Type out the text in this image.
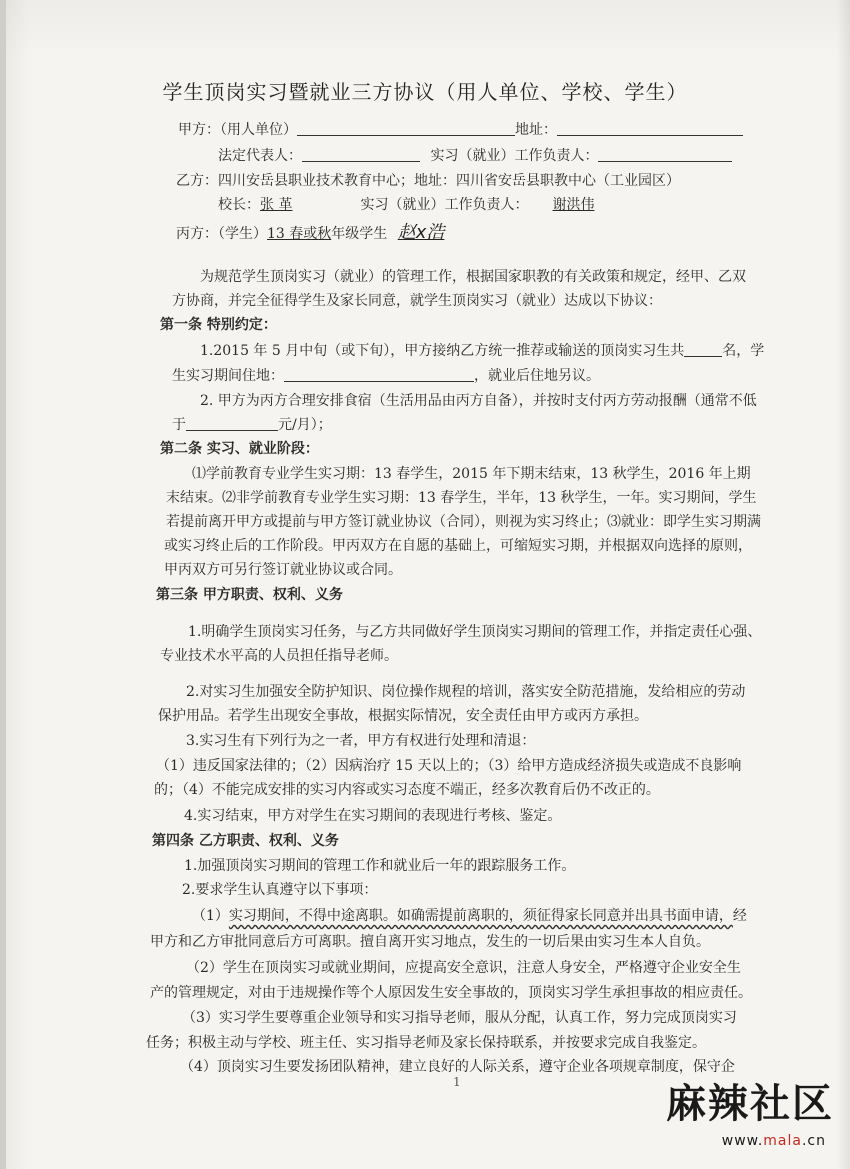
学生顶岗实习暨就业三方协议（用人单位、学校、学生）
甲方：（用人单位）	地址：
法定代表人：	实习（就业）工作负责人：
乙方：四川安岳县职业技术教育中心；地址：四川省安岳县职教中心（工业园区）
校长：张 革	实习（就业）工作负责人： 谢洪伟
丙方：（学生）13 春或秋年级学生 赵x浩
为规范学生顶岗实习（就业）的管理工作，根据国家职教的有关政策和规定，经甲、乙双
方协商，并完全征得学生及家长同意，就学生顶岗实习（就业）达成以下协议：
第一条 特别约定：
1.2015 年 5 月中旬（或下旬），甲方接纳乙方统一推荐或输送的顶岗实习生共	名，学
生实习期间住地：	，就业后住地另议。
2. 甲方为丙方合理安排食宿（生活用品由丙方自备），并按时支付丙方劳动报酬（通常不低
于	元/月）；
第二条 实习、就业阶段：
⑴学前教育专业学生实习期：13 春学生，2015 年下期末结束，13 秋学生，2016 年上期
末结束。⑵非学前教育专业学生实习期：13 春学生，半年，13 秋学生，一年。实习期间，学生
若提前离开甲方或提前与甲方签订就业协议（合同），则视为实习终止；⑶就业：即学生实习期满
或实习终止后的工作阶段。甲丙双方在自愿的基础上，可缩短实习期，并根据双向选择的原则，
甲丙双方可另行签订就业协议或合同。
第三条 甲方职责、权利、义务
1.明确学生顶岗实习任务，与乙方共同做好学生顶岗实习期间的管理工作，并指定责任心强、
专业技术水平高的人员担任指导老师。
2.对实习生加强安全防护知识、岗位操作规程的培训，落实安全防范措施，发给相应的劳动
保护用品。若学生出现安全事故，根据实际情况，安全责任由甲方或丙方承担。
3.实习生有下列行为之一者，甲方有权进行处理和清退：
（1）违反国家法律的；（2）因病治疗 15 天以上的；（3）给甲方造成经济损失或造成不良影响
的；（4）不能完成安排的实习内容或实习态度不端正，经多次教育后仍不改正的。
4.实习结束，甲方对学生在实习期间的表现进行考核、鉴定。
第四条 乙方职责、权利、义务
1.加强顶岗实习期间的管理工作和就业后一年的跟踪服务工作。
2.要求学生认真遵守以下事项：
（1）实习期间，不得中途离职。如确需提前离职的，须征得家长同意并出具书面申请，经
甲方和乙方审批同意后方可离职。擅自离开实习地点，发生的一切后果由实习生本人自负。
（2）学生在顶岗实习或就业期间，应提高安全意识，注意人身安全，严格遵守企业安全生
产的管理规定，对由于违规操作等个人原因发生安全事故的，顶岗实习学生承担事故的相应责任。
（3）实习学生要尊重企业领导和实习指导老师，服从分配，认真工作，努力完成顶岗实习
任务；积极主动与学校、班主任、实习指导老师及家长保持联系，并按要求完成自我鉴定。
（4）顶岗实习生要发扬团队精神，建立良好的人际关系，遵守企业各项规章制度，保守企
1	麻辣社区
www.mala.cn
